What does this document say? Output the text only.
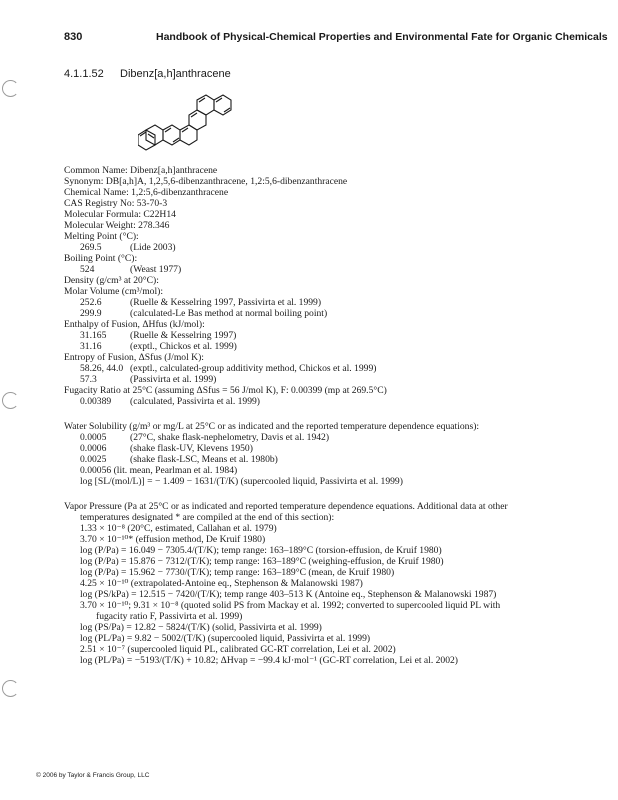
830	Handbook of Physical-Chemical Properties and Environmental Fate for Organic Chemicals
4.1.1.52 Dibenz[a,h]anthracene
Common Name: Dibenz[a,h]anthracene
Synonym: DB[a,h]A, 1,2,5,6-dibenzanthracene, 1,2:5,6-dibenzanthracene
Chemical Name: 1,2:5,6-dibenzanthracene
CAS Registry No: 53-70-3
Molecular Formula: C22H14
Molecular Weight: 278.346
Melting Point (°C):
269.5	(Lide 2003)
Boiling Point (°C):
524	(Weast 1977)
Density (g/cm³ at 20°C):
Molar Volume (cm³/mol):
252.6	(Ruelle & Kesselring 1997, Passivirta et al. 1999)
299.9	(calculated-Le Bas method at normal boiling point)
Enthalpy of Fusion, ΔHfus (kJ/mol):
31.165 (Ruelle & Kesselring 1997)
31.16	(exptl., Chickos et al. 1999)
Entropy of Fusion, ΔSfus (J/mol K):
58.26, 44.0 (exptl., calculated-group additivity method, Chickos et al. 1999)
57.3	(Passivirta et al. 1999)
Fugacity Ratio at 25°C (assuming ΔSfus = 56 J/mol K), F: 0.00399 (mp at 269.5°C)
0.00389 (calculated, Passivirta et al. 1999)
Water Solubility (g/m³ or mg/L at 25°C or as indicated and the reported temperature dependence equations):
0.0005 (27°C, shake flask-nephelometry, Davis et al. 1942)
0.0006 (shake flask-UV, Klevens 1950)
0.0025 (shake flask-LSC, Means et al. 1980b)
0.00056 (lit. mean, Pearlman et al. 1984)
log [SL/(mol/L)] = − 1.409 − 1631/(T/K) (supercooled liquid, Passivirta et al. 1999)
Vapor Pressure (Pa at 25°C or as indicated and reported temperature dependence equations. Additional data at other
temperatures designated * are compiled at the end of this section):
1.33 × 10⁻⁸ (20°C, estimated, Callahan et al. 1979)
3.70 × 10⁻¹⁰* (effusion method, De Kruif 1980)
log (P/Pa) = 16.049 − 7305.4/(T/K); temp range: 163–189°C (torsion-effusion, de Kruif 1980)
log (P/Pa) = 15.876 − 7312/(T/K); temp range: 163–189°C (weighing-effusion, de Kruif 1980)
log (P/Pa) = 15.962 − 7730/(T/K); temp range: 163–189°C (mean, de Kruif 1980)
4.25 × 10⁻¹⁰ (extrapolated-Antoine eq., Stephenson & Malanowski 1987)
log (PS/kPa) = 12.515 − 7420/(T/K); temp range 403–513 K (Antoine eq., Stephenson & Malanowski 1987)
3.70 × 10⁻¹⁰; 9.31 × 10⁻⁸ (quoted solid PS from Mackay et al. 1992; converted to supercooled liquid PL with
fugacity ratio F, Passivirta et al. 1999)
log (PS/Pa) = 12.82 − 5824/(T/K) (solid, Passivirta et al. 1999)
log (PL/Pa) = 9.82 − 5002/(T/K) (supercooled liquid, Passivirta et al. 1999)
2.51 × 10⁻⁷ (supercooled liquid PL, calibrated GC-RT correlation, Lei et al. 2002)
log (PL/Pa) = −5193/(T/K) + 10.82; ΔHvap = −99.4 kJ·mol⁻¹ (GC-RT correlation, Lei et al. 2002)
© 2006 by Taylor & Francis Group, LLC
